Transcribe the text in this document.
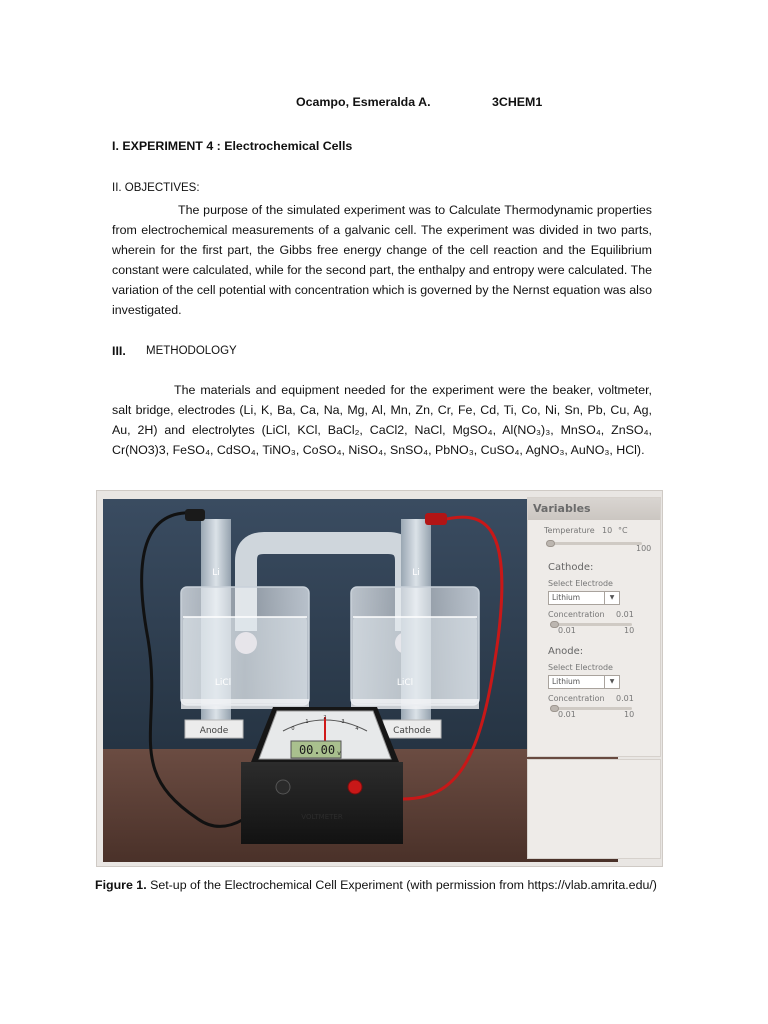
Ocampo, Esmeralda A.	3CHEM1
I. EXPERIMENT 4 : Electrochemical Cells
II. OBJECTIVES:
The purpose of the simulated experiment was to Calculate Thermodynamic properties from electrochemical measurements of a galvanic cell. The experiment was divided in two parts, wherein for the first part, the Gibbs free energy change of the cell reaction and the Equilibrium constant were calculated, while for the second part, the enthalpy and entropy were calculated. The variation of the cell potential with concentration which is governed by the Nernst equation was also investigated.
III. METHODOLOGY
The materials and equipment needed for the experiment were the beaker, voltmeter, salt bridge, electrodes (Li, K, Ba, Ca, Na, Mg, Al, Mn, Zn, Cr, Fe, Cd, Ti, Co, Ni, Sn, Pb, Cu, Ag, Au, 2H) and electrolytes (LiCl, KCl, BaCl₂, CaCl2, NaCl, MgSO₄, Al(NO₃)₃, MnSO₄, ZnSO₄, Cr(NO3)3, FeSO₄, CdSO₄, TiNO₃, CoSO₄, NiSO₄, SnSO₄, PbNO₃, CuSO₄, AgNO₃, AuNO₃, HCl).
Li	Li
LiCl	LiCl
Anode	Cathode
00.00 v
0
1
2
3
4
VOLTMETER
Variables
Temperature 10 °C
100
Cathode:
Select Electrode
Lithium	▼
Concentration 0.01
0.01	10
Anode:
Select Electrode
Lithium	▼
Concentration 0.01
0.01	10
Figure 1. Set-up of the Electrochemical Cell Experiment (with permission from https://vlab.amrita.edu/)
